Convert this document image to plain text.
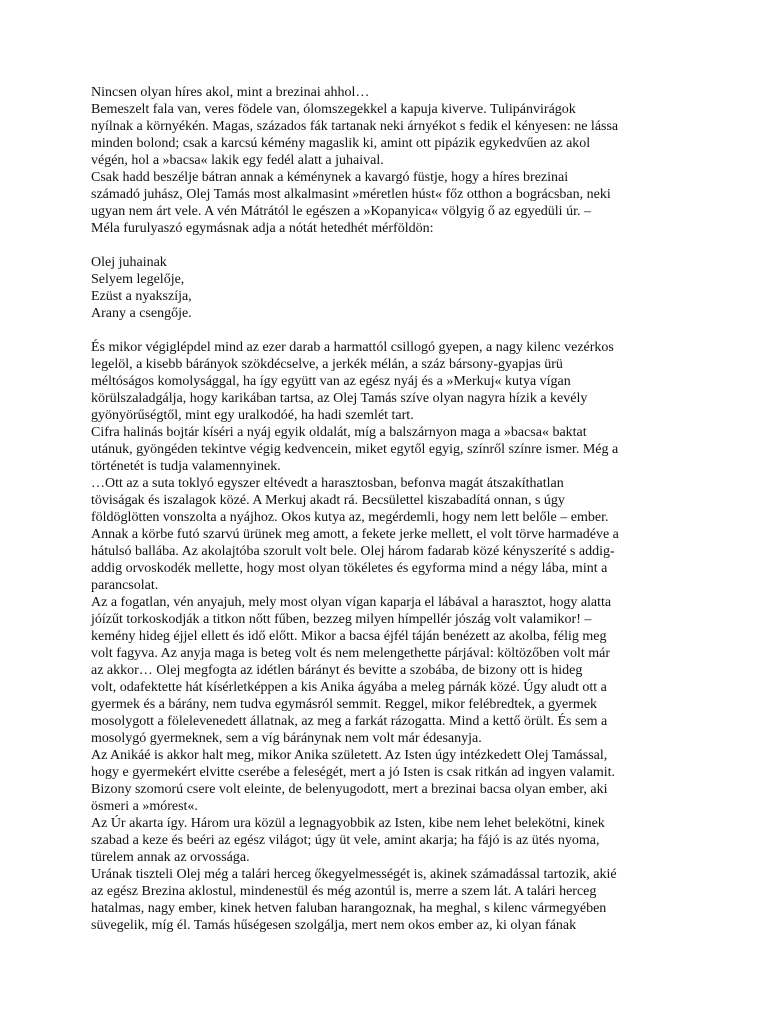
Nincsen olyan híres akol, mint a brezinai ahhol…
Bemeszelt fala van, veres födele van, ólomszegekkel a kapuja kiverve. Tulipánvirágok
nyílnak a környékén. Magas, százados fák tartanak neki árnyékot s fedik el kényesen: ne lássa
minden bolond; csak a karcsú kémény magaslik ki, amint ott pipázik egykedvűen az akol
végén, hol a »bacsa« lakik egy fedél alatt a juhaival.
Csak hadd beszélje bátran annak a kéménynek a kavargó füstje, hogy a híres brezinai
számadó juhász, Olej Tamás most alkalmasint »méretlen húst« főz otthon a bográcsban, neki
ugyan nem árt vele. A vén Mátrától le egészen a »Kopanyica« völgyig ő az egyedüli úr. –
Méla furulyaszó egymásnak adja a nótát hetedhét mérföldön:
Olej juhainak
Selyem legelője,
Ezüst a nyakszíja,
Arany a csengője.
És mikor végiglépdel mind az ezer darab a harmattól csillogó gyepen, a nagy kilenc vezérkos
legelöl, a kisebb bárányok szökdécselve, a jerkék mélán, a száz bársony-gyapjas ürü
méltóságos komolysággal, ha így együtt van az egész nyáj és a »Merkuj« kutya vígan
körülszaladgálja, hogy karikában tartsa, az Olej Tamás szíve olyan nagyra hízik a kevély
gyönyörűségtől, mint egy uralkodóé, ha hadi szemlét tart.
Cifra halinás bojtár kíséri a nyáj egyik oldalát, míg a balszárnyon maga a »bacsa« baktat
utánuk, gyöngéden tekintve végig kedvencein, miket egytől egyig, színről színre ismer. Még a
történetét is tudja valamennyinek.
…Ott az a suta toklyó egyszer eltévedt a harasztosban, befonva magát átszakíthatlan
töviságak és iszalagok közé. A Merkuj akadt rá. Becsülettel kiszabadítá onnan, s úgy
földöglötten vonszolta a nyájhoz. Okos kutya az, megérdemli, hogy nem lett belőle – ember.
Annak a körbe futó szarvú ürünek meg amott, a fekete jerke mellett, el volt törve harmadéve a
hátulsó ballába. Az akolajtóba szorult volt bele. Olej három fadarab közé kényszeríté s addig-
addig orvoskodék mellette, hogy most olyan tökéletes és egyforma mind a négy lába, mint a
parancsolat.
Az a fogatlan, vén anyajuh, mely most olyan vígan kaparja el lábával a harasztot, hogy alatta
jóízűt torkoskodják a titkon nőtt fűben, bezzeg milyen hímpellér jószág volt valamikor! –
kemény hideg éjjel ellett és idő előtt. Mikor a bacsa éjfél táján benézett az akolba, félig meg
volt fagyva. Az anyja maga is beteg volt és nem melengethette párjával: költözőben volt már
az akkor… Olej megfogta az idétlen bárányt és bevitte a szobába, de bizony ott is hideg
volt, odafektette hát kísérletképpen a kis Anika ágyába a meleg párnák közé. Úgy aludt ott a
gyermek és a bárány, nem tudva egymásról semmit. Reggel, mikor felébredtek, a gyermek
mosolygott a fölelevenedett állatnak, az meg a farkát rázogatta. Mind a kettő örült. És sem a
mosolygó gyermeknek, sem a víg báránynak nem volt már édesanyja.
Az Anikáé is akkor halt meg, mikor Anika született. Az Isten úgy intézkedett Olej Tamással,
hogy e gyermekért elvitte cserébe a feleségét, mert a jó Isten is csak ritkán ad ingyen valamit.
Bizony szomorú csere volt eleinte, de belenyugodott, mert a brezinai bacsa olyan ember, aki
ösmeri a »mórest«.
Az Úr akarta így. Három ura közül a legnagyobbik az Isten, kibe nem lehet belekötni, kinek
szabad a keze és beéri az egész világot; úgy üt vele, amint akarja; ha fájó is az ütés nyoma,
türelem annak az orvossága.
Urának tiszteli Olej még a talári herceg őkegyelmességét is, akinek számadással tartozik, akié
az egész Brezina aklostul, mindenestül és még azontúl is, merre a szem lát. A talári herceg
hatalmas, nagy ember, kinek hetven faluban harangoznak, ha meghal, s kilenc vármegyében
süvegelik, míg él. Tamás hűségesen szolgálja, mert nem okos ember az, ki olyan fának
